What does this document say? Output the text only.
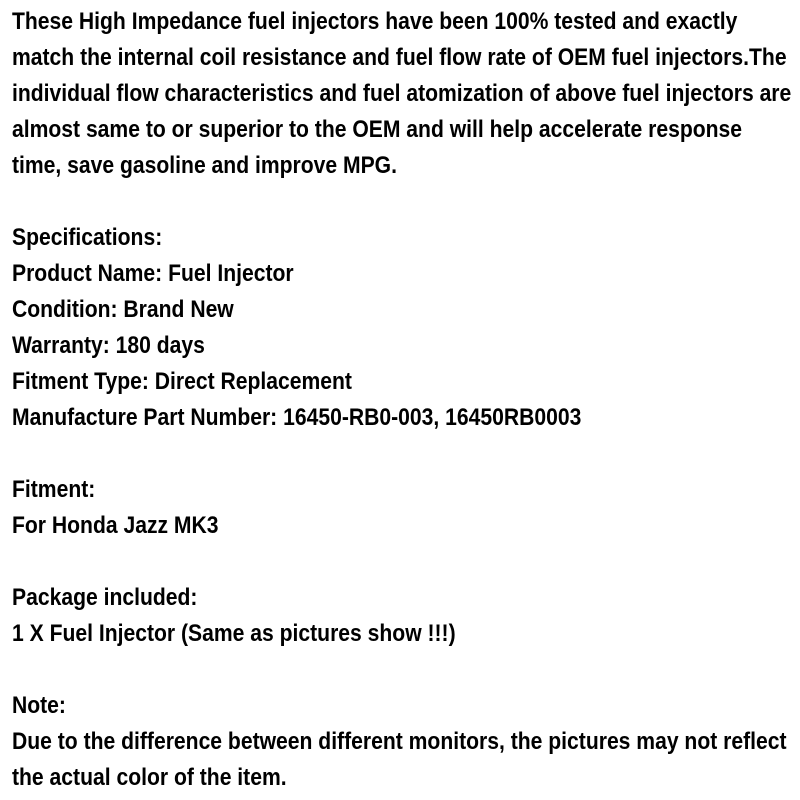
These High Impedance fuel injectors have been 100% tested and exactly
match the internal coil resistance and fuel flow rate of OEM fuel injectors.The
individual flow characteristics and fuel atomization of above fuel injectors are
almost same to or superior to the OEM and will help accelerate response
time, save gasoline and improve MPG.
Specifications:
Product Name: Fuel Injector
Condition: Brand New
Warranty: 180 days
Fitment Type: Direct Replacement
Manufacture Part Number: 16450-RB0-003, 16450RB0003
Fitment:
For Honda Jazz MK3
Package included:
1 X Fuel Injector (Same as pictures show !!!)
Note:
Due to the difference between different monitors, the pictures may not reflect
the actual color of the item.
